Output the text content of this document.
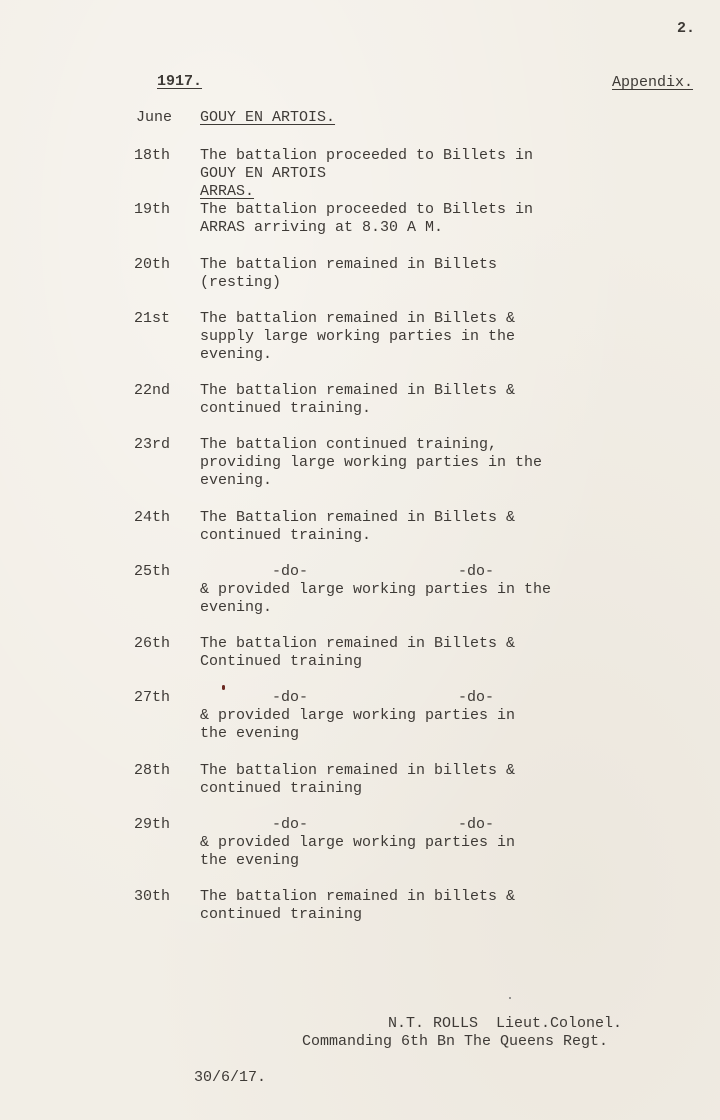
2.
1917.	Appendix.
June GOUY EN ARTOIS.
18th The battalion proceeded to Billets in
GOUY EN ARTOIS
ARRAS.
19th The battalion proceeded to Billets in
ARRAS arriving at 8.30 A M.
20th The battalion remained in Billets
(resting)
21st The battalion remained in Billets &
supply large working parties in the
evening.
22nd The battalion remained in Billets &
continued training.
23rd The battalion continued training,
providing large working parties in the
evening.
24th The Battalion remained in Billets &
continued training.
25th	-do-	-do-
& provided large working parties in the
evening.
26th The battalion remained in Billets &
Continued training
27th	-do-	-do-
& provided large working parties in
the evening
28th The battalion remained in billets &
continued training
29th	-do-	-do-
& provided large working parties in
the evening
30th The battalion remained in billets &
continued training
N.T. ROLLS  Lieut.Colonel.
Commanding 6th Bn The Queens Regt.
30/6/17.
